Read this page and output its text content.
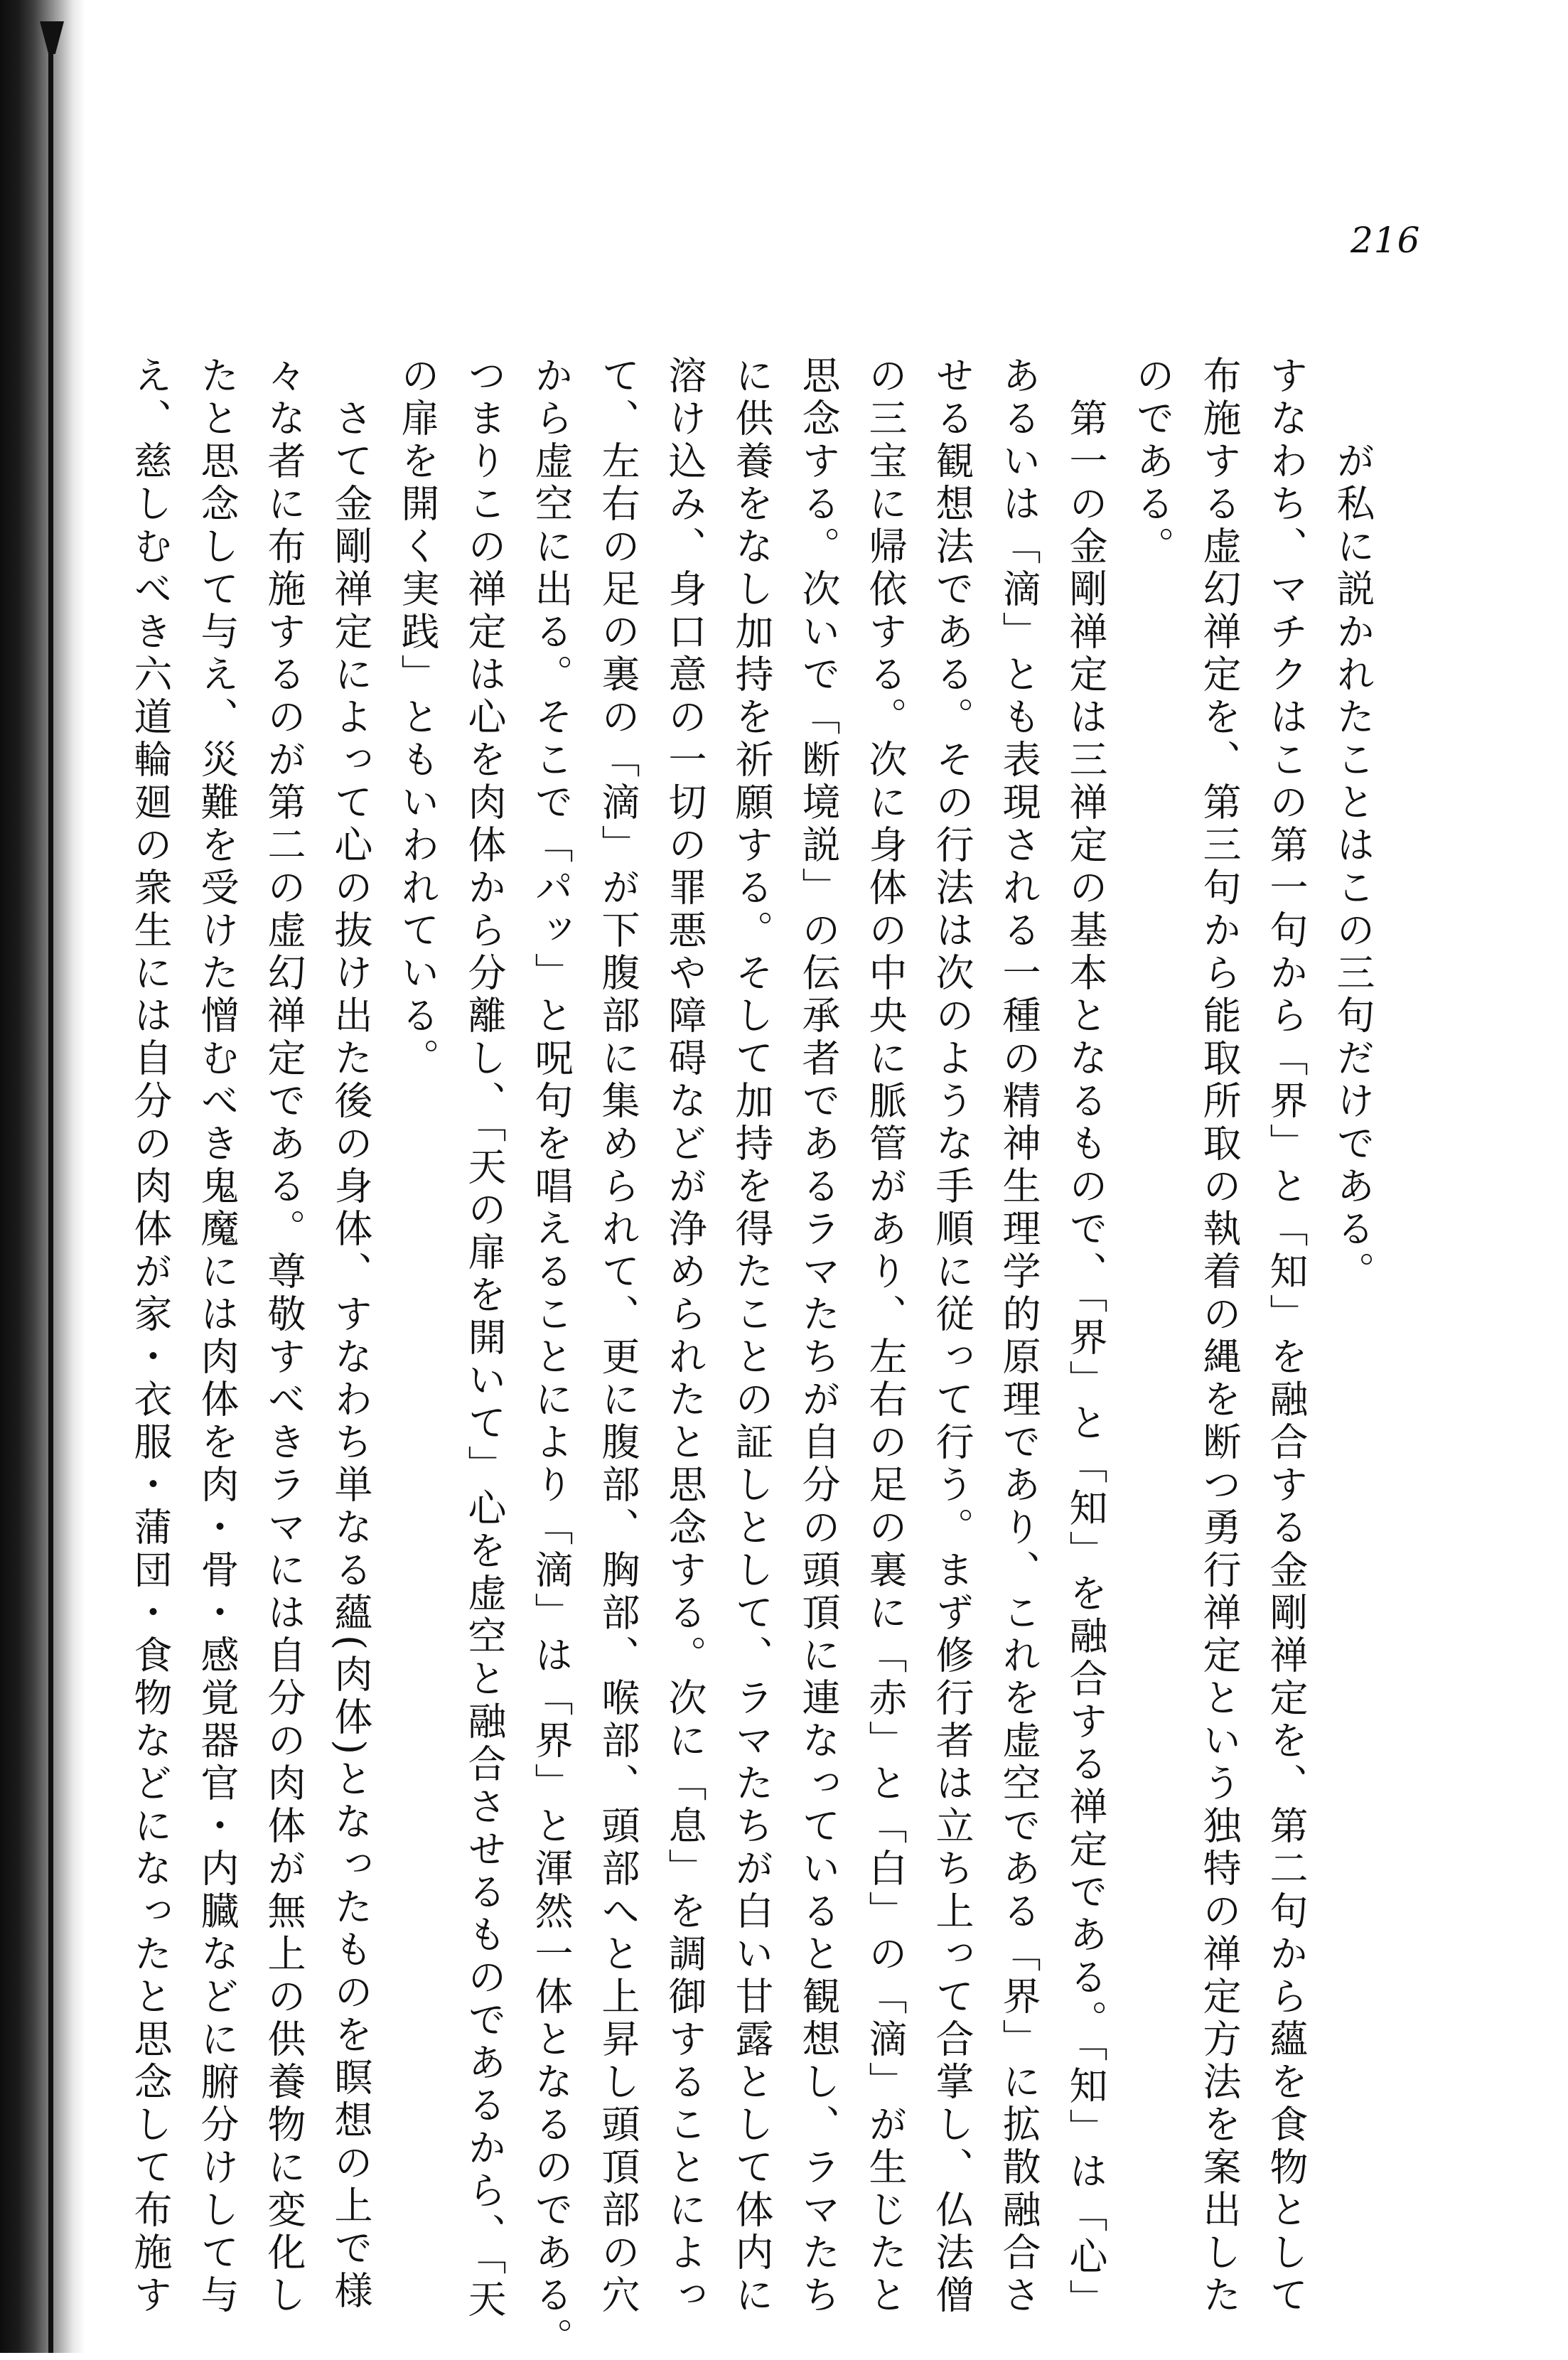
216
　　が私に説かれたことはこの三句だけである。
すなわち、マチクはこの第一句から「界」と「知」を融合する金剛禅定を、第二句から蘊を食物として
布施する虚幻禅定を、第三句から能取所取の執着の縄を断つ勇行禅定という独特の禅定方法を案出した
のである。
　第一の金剛禅定は三禅定の基本となるもので、「界」と「知」を融合する禅定である。「知」は「心」
あるいは「滴」とも表現される一種の精神生理学的原理であり、これを虚空である「界」に拡散融合さ
せる観想法である。その行法は次のような手順に従って行う。まず修行者は立ち上って合掌し、仏法僧
の三宝に帰依する。次に身体の中央に脈管があり、左右の足の裏に「赤」と「白」の「滴」が生じたと
思念する。次いで「断境説」の伝承者であるラマたちが自分の頭頂に連なっていると観想し、ラマたち
に供養をなし加持を祈願する。そして加持を得たことの証しとして、ラマたちが白い甘露として体内に
溶け込み、身口意の一切の罪悪や障碍などが浄められたと思念する。次に「息」を調御することによっ
て、左右の足の裏の「滴」が下腹部に集められて、更に腹部、胸部、喉部、頭部へと上昇し頭頂部の穴
から虚空に出る。そこで「パッ」と呪句を唱えることにより「滴」は「界」と渾然一体となるのである。
つまりこの禅定は心を肉体から分離し、「天の扉を開いて」心を虚空と融合させるものであるから、「天
の扉を開く実践」ともいわれている。
　さて金剛禅定によって心の抜け出た後の身体、すなわち単なる蘊(肉体)となったものを瞑想の上で様
々な者に布施するのが第二の虚幻禅定である。尊敬すべきラマには自分の肉体が無上の供養物に変化し
たと思念して与え、災難を受けた憎むべき鬼魔には肉体を肉・骨・感覚器官・内臓などに腑分けして与
え、慈しむべき六道輪廻の衆生には自分の肉体が家・衣服・蒲団・食物などになったと思念して布施す
